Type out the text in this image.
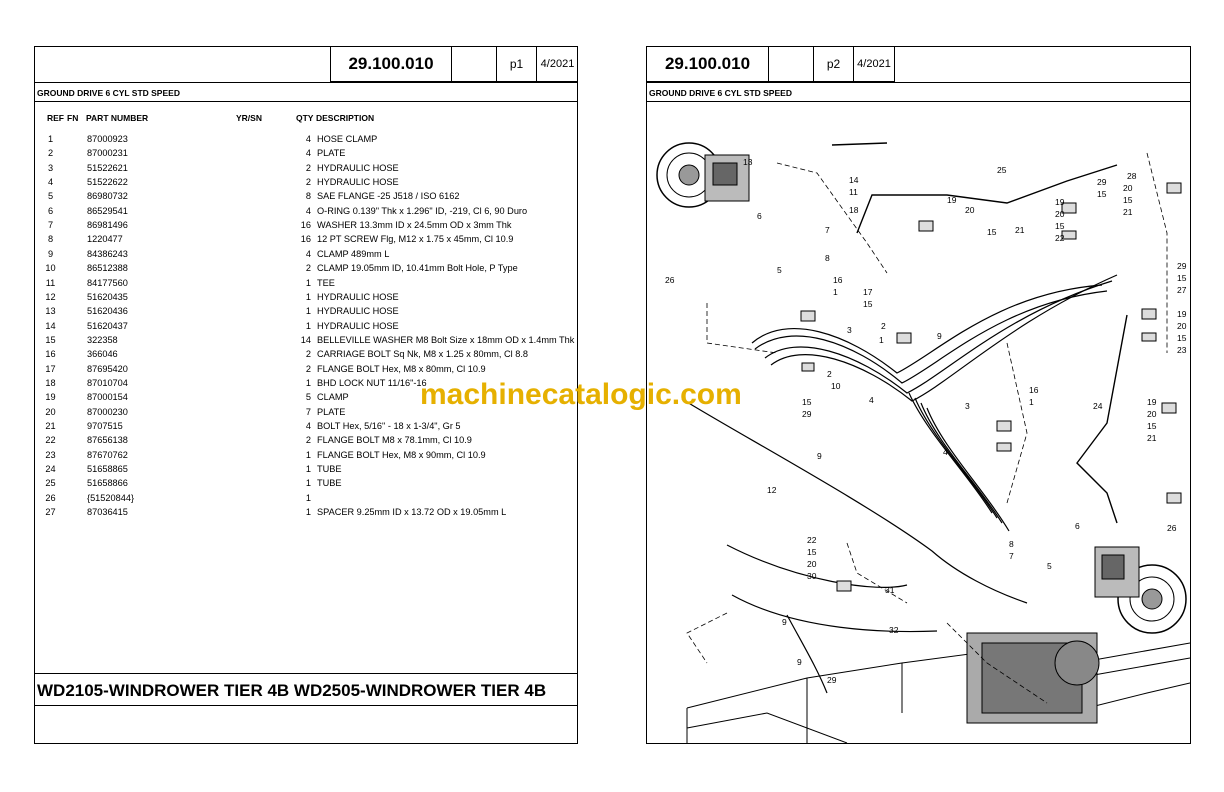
29.100.010	p1	4/2021
GROUND DRIVE 6 CYL STD SPEED
REF FN PART NUMBER	YR/SN	QTY DESCRIPTION
1	87000923	4 HOSE CLAMP
2	87000231	4 PLATE
3	51522621	2 HYDRAULIC HOSE
4	51522622	2 HYDRAULIC HOSE
5	86980732	8 SAE FLANGE -25 J518 / ISO 6162
6	86529541	4 O-RING 0.139" Thk x 1.296" ID, -219, Cl 6, 90 Duro
7	86981496	16 WASHER 13.3mm ID x 24.5mm OD x 3mm Thk
8	1220477	16 12 PT SCREW Flg, M12 x 1.75 x 45mm, Cl 10.9
9	84386243	4 CLAMP 489mm L
10	86512388	2 CLAMP 19.05mm ID, 10.41mm Bolt Hole, P Type
11	84177560	1 TEE
12	51620435	1 HYDRAULIC HOSE
13	51620436	1 HYDRAULIC HOSE
14	51620437	1 HYDRAULIC HOSE
15	322358	14 BELLEVILLE WASHER M8 Bolt Size x 18mm OD x 1.4mm Thk
16	366046	2 CARRIAGE BOLT Sq Nk, M8 x 1.25 x 80mm, Cl 8.8
17	87695420	2 FLANGE BOLT Hex, M8 x 80mm, Cl 10.9
18	87010704	1 BHD LOCK NUT 11/16"-16
19	87000154	5 CLAMP
20	87000230	7 PLATE
21	9707515	4 BOLT Hex, 5/16" - 18 x 1-3/4", Gr 5
22	87656138	2 FLANGE BOLT M8 x 78.1mm, Cl 10.9
23	87670762	1 FLANGE BOLT Hex, M8 x 90mm, Cl 10.9
24	51658865	1 TUBE
25	51658866	1 TUBE
26	{51520844}	1
27	87036415	1 SPACER 9.25mm ID x 13.72 OD x 19.05mm L
WD2105-WINDROWER TIER 4B WD2505-WINDROWER TIER 4B
29.100.010	p2	4/2021
GROUND DRIVE 6 CYL STD SPEED
13
14
11
18
7
8
6
5
26
25
29
15
19
20
15 21
28
20
15
21
19
20
15
22
16
1	17
15
2
1
3
2
10
15
29
4
9
29
15
27
19
20
15
23
16
1
3
4
24	19
20
15
21
9
12
22
15
20
30
31
9
32
9
29
6
8
7
5
26
machinecatalogic.com
